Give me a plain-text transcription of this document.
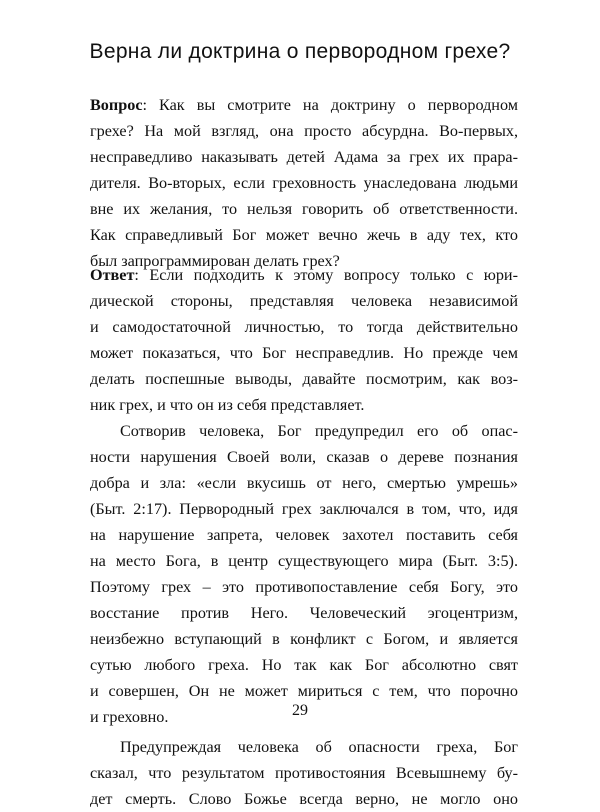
Верна ли доктрина о первородном грехе?
Вопрос: Как вы смотрите на доктрину о первородном
грехе? На мой взгляд, она просто абсурдна. Во-первых,
несправедливо наказывать детей Адама за грех их прара-
дителя. Во-вторых, если греховность унаследована людьми
вне их желания, то нельзя говорить об ответственности.
Как справедливый Бог может вечно жечь в аду тех, кто
был запрограммирован делать грех?
Ответ: Если подходить к этому вопросу только с юри-
дической стороны, представляя человека независимой
и самодостаточной личностью, то тогда действительно
может показаться, что Бог несправедлив. Но прежде чем
делать поспешные выводы, давайте посмотрим, как воз-
ник грех, и что он из себя представляет.
Сотворив человека, Бог предупредил его об опас-
ности нарушения Своей воли, сказав о дереве познания
добра и зла: «если вкусишь от него, смертью умрешь»
(Быт. 2:17). Первородный грех заключался в том, что, идя
на нарушение запрета, человек захотел поставить себя
на место Бога, в центр существующего мира (Быт. 3:5).
Поэтому грех – это противопоставление себя Богу, это
восстание против Него. Человеческий эгоцентризм,
неизбежно вступающий в конфликт с Богом, и является
сутью любого греха. Но так как Бог абсолютно свят
и совершен, Он не может мириться с тем, что порочно
и греховно.
Предупреждая человека об опасности греха, Бог
сказал, что результатом противостояния Всевышнему бу-
дет смерть. Слово Божье всегда верно, не могло оно
29
